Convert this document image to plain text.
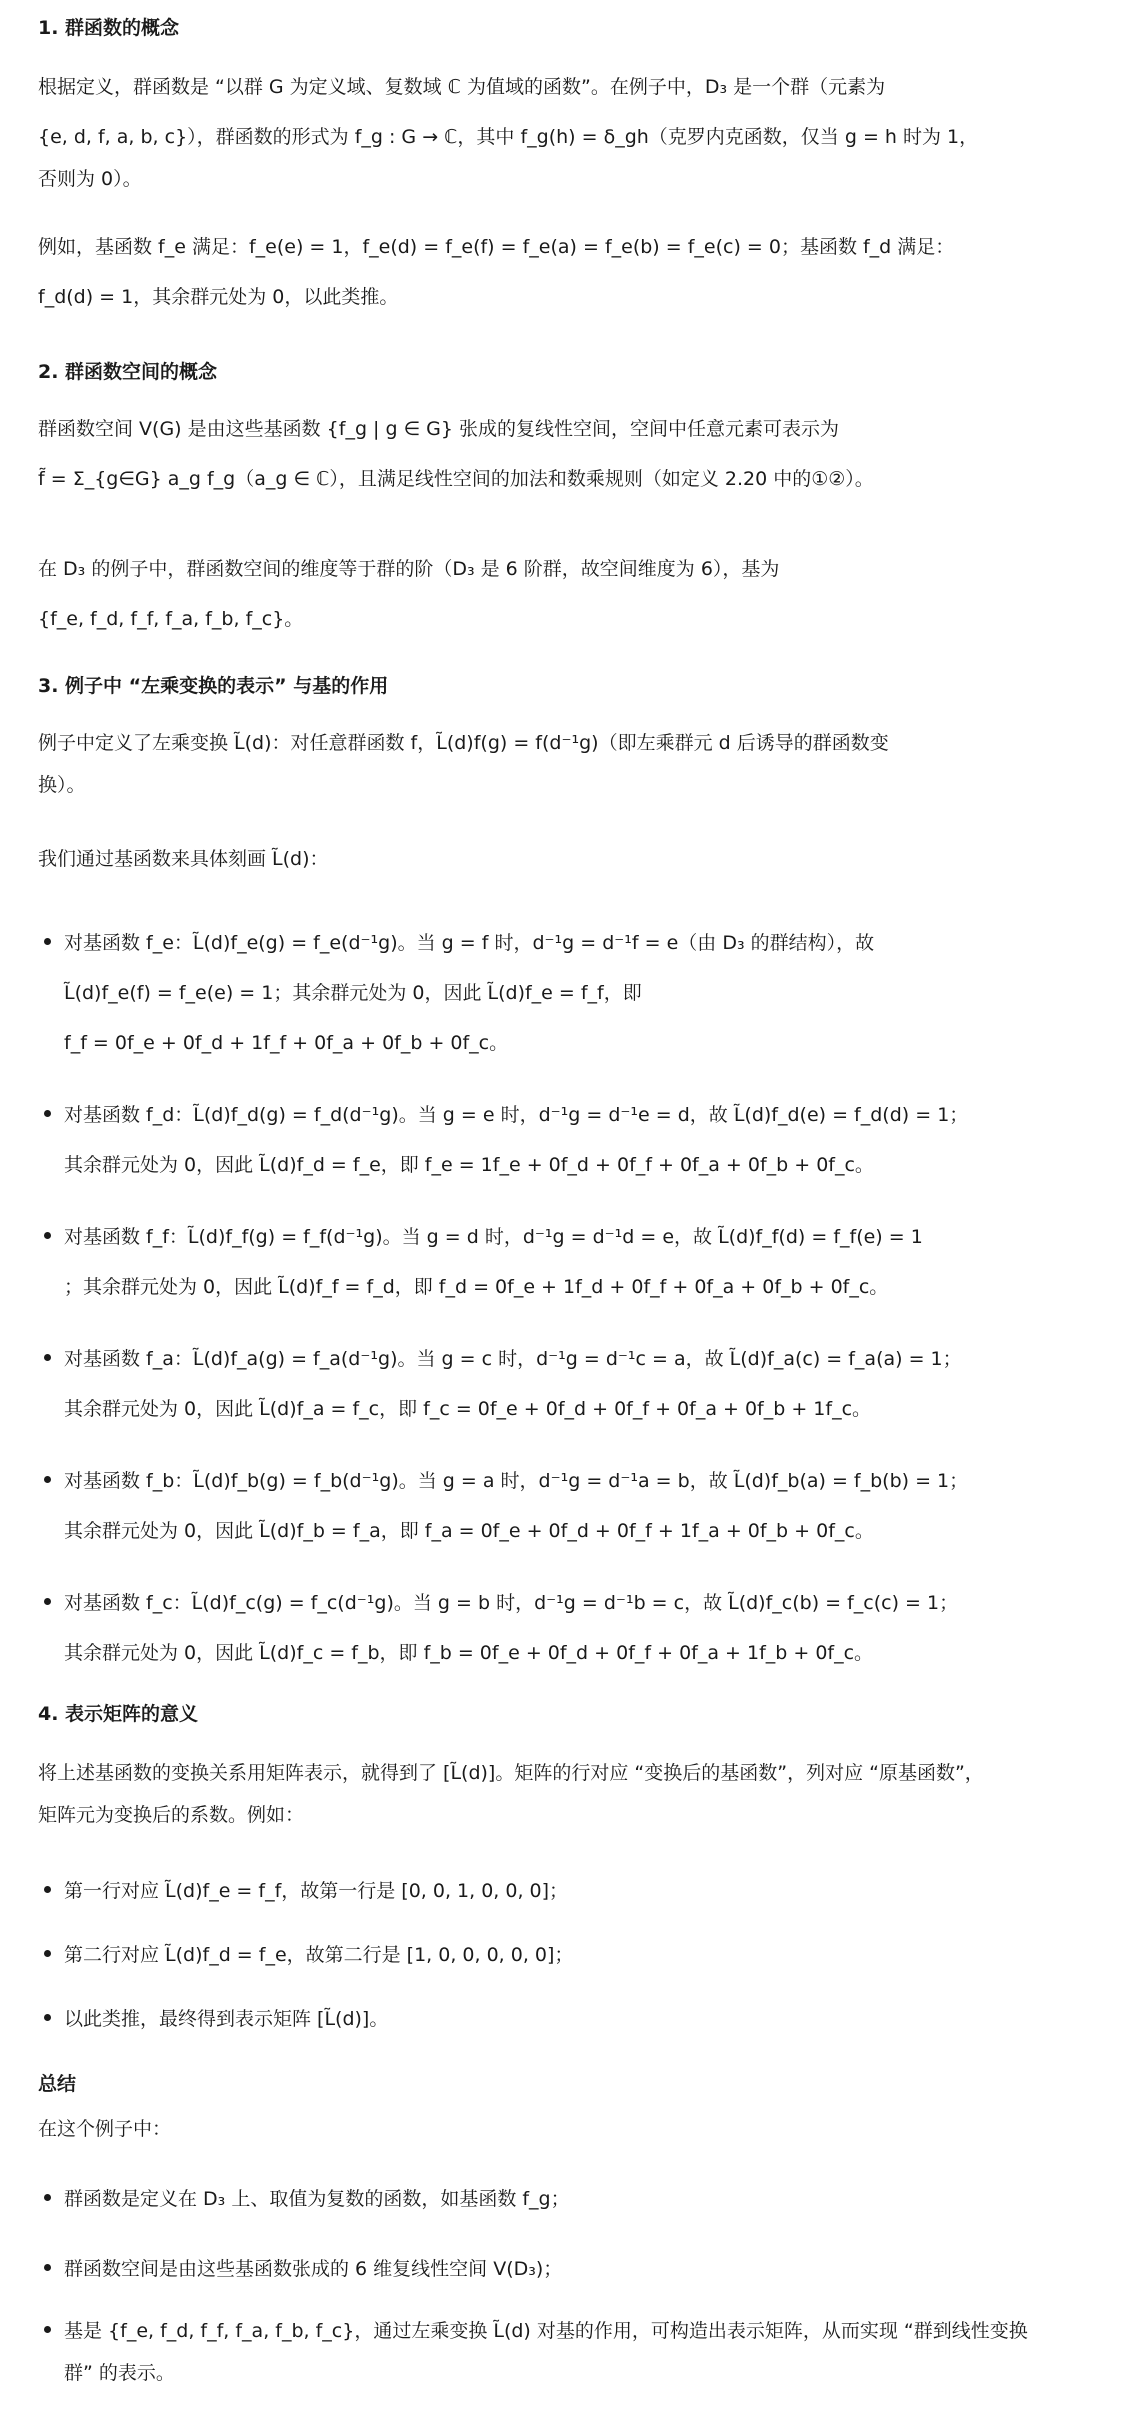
1. 群函数的概念
根据定义，群函数是 “以群 G 为定义域、复数域 ℂ 为值域的函数”。在例子中，D₃ 是一个群（元素为
{e, d, f, a, b, c}），群函数的形式为 f_g : G → ℂ，其中 f_g(h) = δ_gh（克罗内克函数，仅当 g = h 时为 1，
否则为 0）。
例如，基函数 f_e 满足：f_e(e) = 1，f_e(d) = f_e(f) = f_e(a) = f_e(b) = f_e(c) = 0；基函数 f_d 满足：
f_d(d) = 1，其余群元处为 0，以此类推。
2. 群函数空间的概念
群函数空间 V(G) 是由这些基函数 {f_g | g ∈ G} 张成的复线性空间，空间中任意元素可表示为
f̃ = Σ_{g∈G} a_g f_g（a_g ∈ ℂ），且满足线性空间的加法和数乘规则（如定义 2.20 中的①②）。
在 D₃ 的例子中，群函数空间的维度等于群的阶（D₃ 是 6 阶群，故空间维度为 6），基为
{f_e, f_d, f_f, f_a, f_b, f_c}。
3. 例子中 “左乘变换的表示” 与基的作用
例子中定义了左乘变换 L̃(d)：对任意群函数 f，L̃(d)f(g) = f(d⁻¹g)（即左乘群元 d 后诱导的群函数变
换）。
我们通过基函数来具体刻画 L̃(d)：
对基函数 f_e：L̃(d)f_e(g) = f_e(d⁻¹g)。当 g = f 时，d⁻¹g = d⁻¹f = e（由 D₃ 的群结构），故
L̃(d)f_e(f) = f_e(e) = 1；其余群元处为 0，因此 L̃(d)f_e = f_f，即
f_f = 0f_e + 0f_d + 1f_f + 0f_a + 0f_b + 0f_c。
对基函数 f_d：L̃(d)f_d(g) = f_d(d⁻¹g)。当 g = e 时，d⁻¹g = d⁻¹e = d，故 L̃(d)f_d(e) = f_d(d) = 1；
其余群元处为 0，因此 L̃(d)f_d = f_e，即 f_e = 1f_e + 0f_d + 0f_f + 0f_a + 0f_b + 0f_c。
对基函数 f_f：L̃(d)f_f(g) = f_f(d⁻¹g)。当 g = d 时，d⁻¹g = d⁻¹d = e，故 L̃(d)f_f(d) = f_f(e) = 1
；其余群元处为 0，因此 L̃(d)f_f = f_d，即 f_d = 0f_e + 1f_d + 0f_f + 0f_a + 0f_b + 0f_c。
对基函数 f_a：L̃(d)f_a(g) = f_a(d⁻¹g)。当 g = c 时，d⁻¹g = d⁻¹c = a，故 L̃(d)f_a(c) = f_a(a) = 1；
其余群元处为 0，因此 L̃(d)f_a = f_c，即 f_c = 0f_e + 0f_d + 0f_f + 0f_a + 0f_b + 1f_c。
对基函数 f_b：L̃(d)f_b(g) = f_b(d⁻¹g)。当 g = a 时，d⁻¹g = d⁻¹a = b，故 L̃(d)f_b(a) = f_b(b) = 1；
其余群元处为 0，因此 L̃(d)f_b = f_a，即 f_a = 0f_e + 0f_d + 0f_f + 1f_a + 0f_b + 0f_c。
对基函数 f_c：L̃(d)f_c(g) = f_c(d⁻¹g)。当 g = b 时，d⁻¹g = d⁻¹b = c，故 L̃(d)f_c(b) = f_c(c) = 1；
其余群元处为 0，因此 L̃(d)f_c = f_b，即 f_b = 0f_e + 0f_d + 0f_f + 0f_a + 1f_b + 0f_c。
4. 表示矩阵的意义
将上述基函数的变换关系用矩阵表示，就得到了 [L̃(d)]。矩阵的行对应 “变换后的基函数”，列对应 “原基函数”，
矩阵元为变换后的系数。例如：
第一行对应 L̃(d)f_e = f_f，故第一行是 [0, 0, 1, 0, 0, 0]；
第二行对应 L̃(d)f_d = f_e，故第二行是 [1, 0, 0, 0, 0, 0]；
以此类推，最终得到表示矩阵 [L̃(d)]。
总结
在这个例子中：
群函数是定义在 D₃ 上、取值为复数的函数，如基函数 f_g；
群函数空间是由这些基函数张成的 6 维复线性空间 V(D₃)；
基是 {f_e, f_d, f_f, f_a, f_b, f_c}，通过左乘变换 L̃(d) 对基的作用，可构造出表示矩阵，从而实现 “群到线性变换
群” 的表示。
